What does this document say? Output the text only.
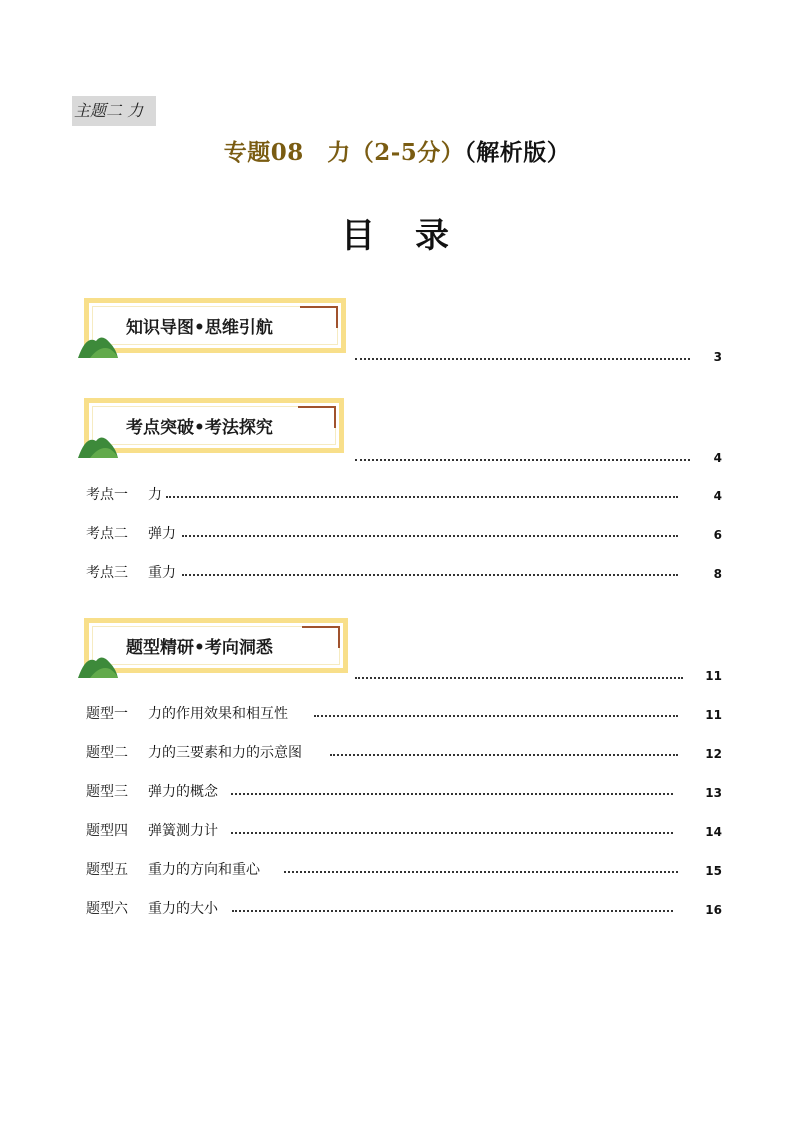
主题二 力
专题08　力（2-5分）（解析版）
目录
知识导图•思维引航
3
考点突破•考法探究
4
考点一 力	4
考点二 弹力	6
考点三 重力	8
题型精研•考向洞悉
11
题型一 力的作用效果和相互性	11
题型二 力的三要素和力的示意图	12
题型三 弹力的概念	13
题型四 弹簧测力计	14
题型五 重力的方向和重心	15
题型六 重力的大小	16
